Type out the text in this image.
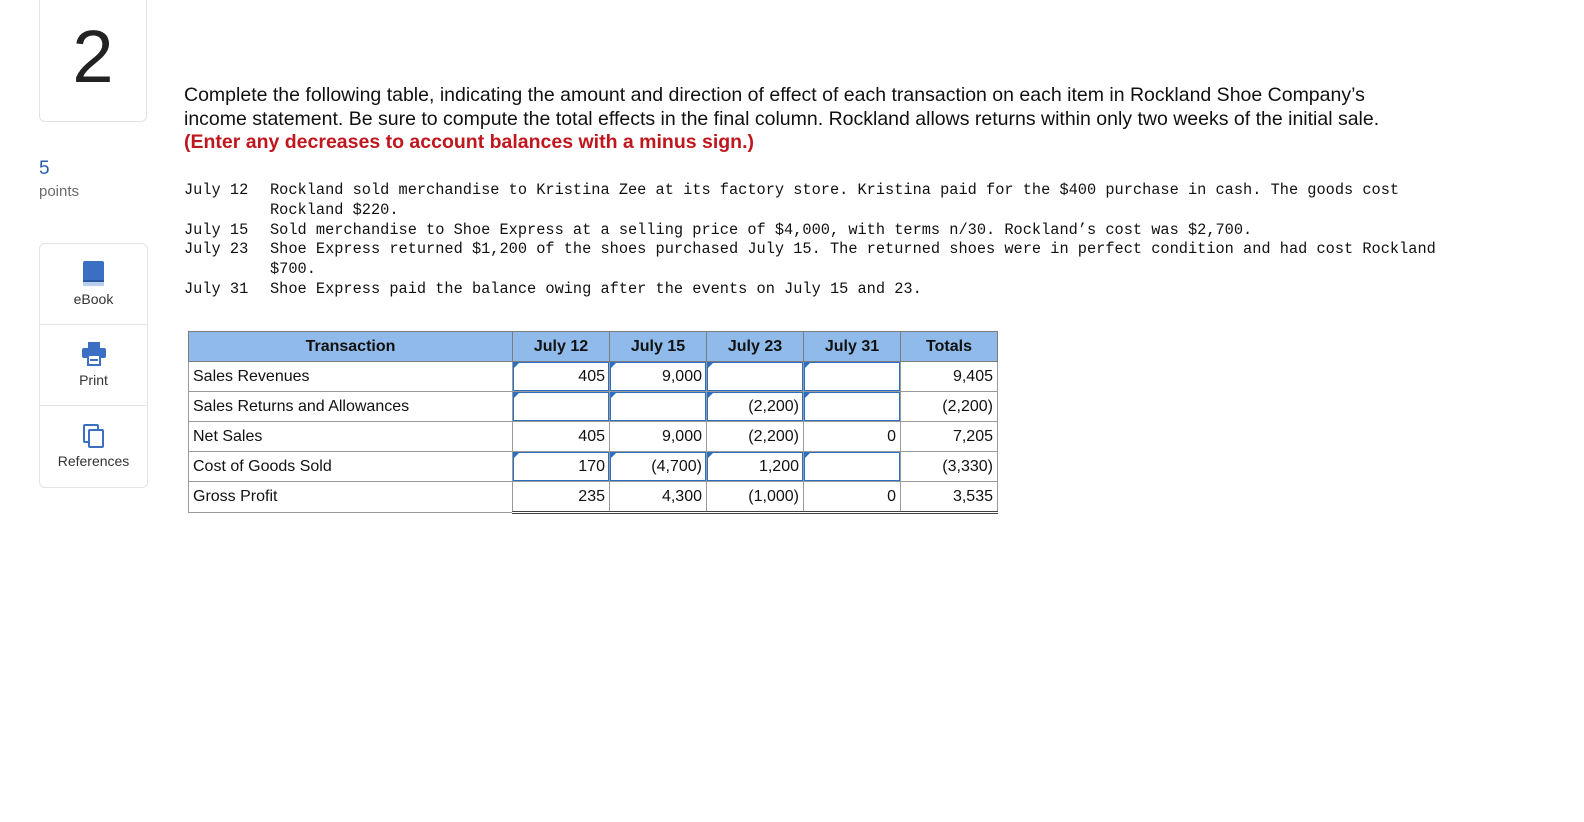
2
5
points
eBook
Print
References
Complete the following table, indicating the amount and direction of effect of each transaction on each item in Rockland Shoe Company’s income statement. Be sure to compute the total effects in the final column. Rockland allows returns within only two weeks of the initial sale. (Enter any decreases to account balances with a minus sign.)
July 12	Rockland sold merchandise to Kristina Zee at its factory store. Kristina paid for the $400 purchase in cash. The goods cost Rockland $220.
July 15	Sold merchandise to Shoe Express at a selling price of $4,000, with terms n/30. Rockland’s cost was $2,700.
July 23	Shoe Express returned $1,200 of the shoes purchased July 15. The returned shoes were in perfect condition and had cost Rockland $700.
July 31	Shoe Express paid the balance owing after the events on July 15 and 23.
Transaction	July 12	July 15	July 23	July 31	Totals
Sales Revenues	405	9,000			9,405
Sales Returns and Allowances			(2,200)		(2,200)
Net Sales	405	9,000	(2,200)	0	7,205
Cost of Goods Sold	170	(4,700)	1,200		(3,330)
Gross Profit	235	4,300	(1,000)	0	3,535
